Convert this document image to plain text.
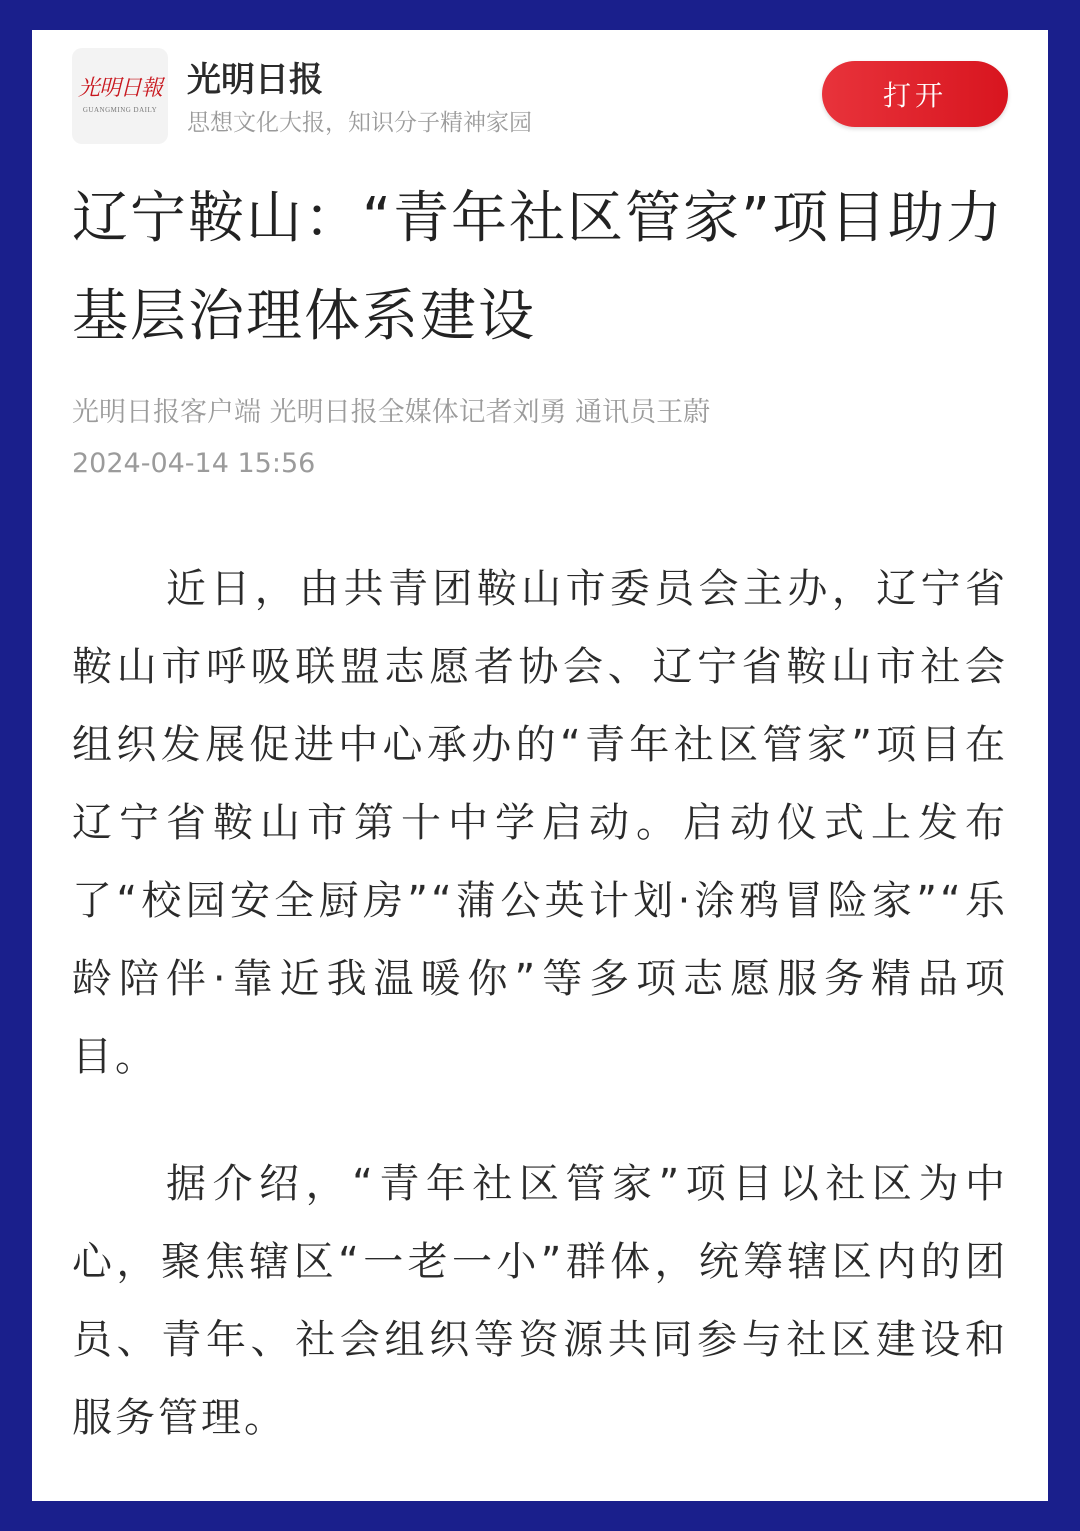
光明日報
GUANGMING DAILY
光明日报
思想文化大报，知识分子精神家园
打开
辽宁鞍山：“青年社区管家”项目助力基层治理体系建设
光明日报客户端 光明日报全媒体记者刘勇 通讯员王蔚
2024-04-14 15:56

近日，由共青团鞍山市委员会主办，辽宁省鞍山市呼吸联盟志愿者协会、辽宁省鞍山市社会组织发展促进中心承办的“青年社区管家”项目在辽宁省鞍山市第十中学启动。启动仪式上发布了“校园安全厨房”“蒲公英计划·涂鸦冒险家”“乐龄陪伴·靠近我温暖你”等多项志愿服务精品项目。

据介绍，“青年社区管家”项目以社区为中心，聚焦辖区“一老一小”群体，统筹辖区内的团员、青年、社会组织等资源共同参与社区建设和服务管理。
